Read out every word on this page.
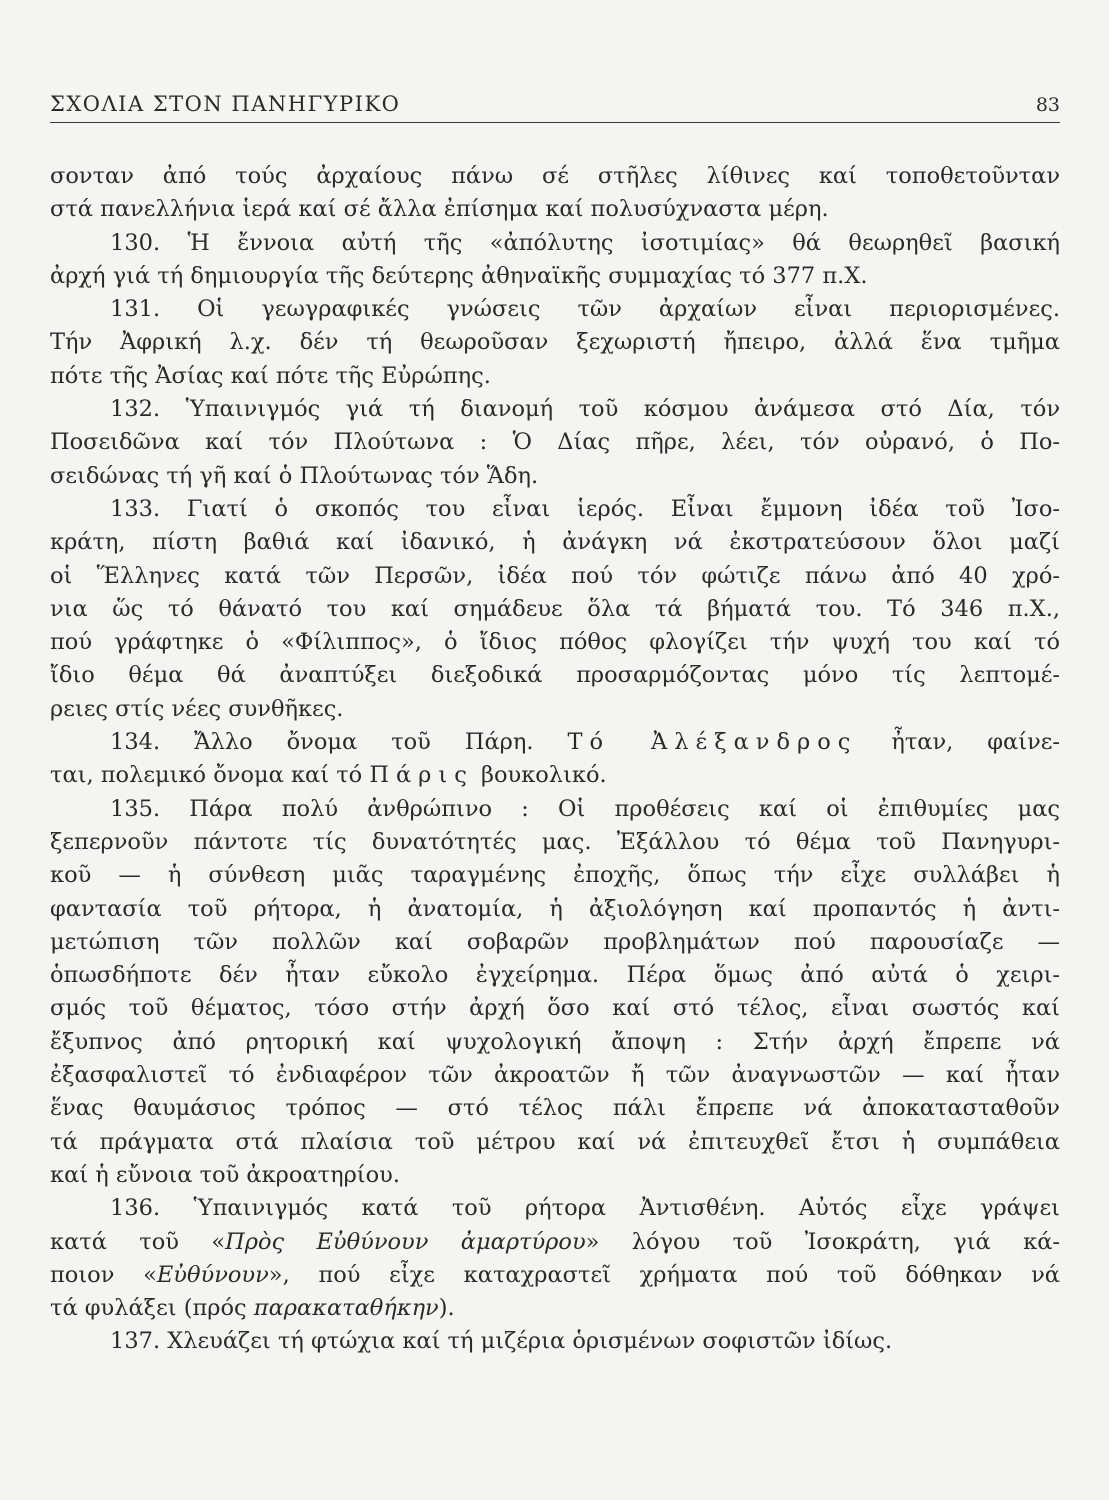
ΣΧΟΛΙΑ ΣΤΟΝ ΠΑΝΗΓΥΡΙΚΟ	83
σονταν ἀπό τούς ἀρχαίους πάνω σέ στῆλες λίθινες καί τοποθετοῦνταν
στά πανελλήνια ἱερά καί σέ ἄλλα ἐπίσημα καί πολυσύχναστα μέρη.
130. Ἡ ἔννοια αὐτή τῆς «ἀπόλυτης ἰσοτιμίας» θά θεωρηθεῖ βασική
ἀρχή γιά τή δημιουργία τῆς δεύτερης ἀθηναϊκῆς συμμαχίας τό 377 π.Χ.
131. Οἱ γεωγραφικές γνώσεις τῶν ἀρχαίων εἶναι περιορισμένες.
Τήν Ἀφρική λ.χ. δέν τή θεωροῦσαν ξεχωριστή ἤπειρο, ἀλλά ἕνα τμῆμα
πότε τῆς Ἀσίας καί πότε τῆς Εὐρώπης.
132. Ὑπαινιγμός γιά τή διανομή τοῦ κόσμου ἀνάμεσα στό Δία, τόν
Ποσειδῶνα καί τόν Πλούτωνα : Ὁ Δίας πῆρε, λέει, τόν οὐρανό, ὁ Πο-
σειδώνας τή γῆ καί ὁ Πλούτωνας τόν Ἅδη.
133. Γιατί ὁ σκοπός του εἶναι ἱερός. Εἶναι ἔμμονη ἰδέα τοῦ Ἰσο-
κράτη, πίστη βαθιά καί ἰδανικό, ἡ ἀνάγκη νά ἐκστρατεύσουν ὅλοι μαζί
οἱ Ἕλληνες κατά τῶν Περσῶν, ἰδέα πού τόν φώτιζε πάνω ἀπό 40 χρό-
νια ὥς τό θάνατό του καί σημάδευε ὅλα τά βήματά του. Τό 346 π.Χ.,
πού γράφτηκε ὁ «Φίλιππος», ὁ ἴδιος πόθος φλογίζει τήν ψυχή του καί τό
ἴδιο θέμα θά ἀναπτύξει διεξοδικά προσαρμόζοντας μόνο τίς λεπτομέ-
ρειες στίς νέες συνθῆκες.
134. Ἄλλο ὄνομα τοῦ Πάρη. Τό Ἀλέξανδρος ἦταν, φαίνε-
ται, πολεμικό ὄνομα καί τό Πάρις βουκολικό.
135. Πάρα πολύ ἀνθρώπινο : Οἱ προθέσεις καί οἱ ἐπιθυμίες μας
ξεπερνοῦν πάντοτε τίς δυνατότητές μας. Ἐξάλλου τό θέμα τοῦ Πανηγυρι-
κοῦ — ἡ σύνθεση μιᾶς ταραγμένης ἐποχῆς, ὅπως τήν εἶχε συλλάβει ἡ
φαντασία τοῦ ρήτορα, ἡ ἀνατομία, ἡ ἀξιολόγηση καί προπαντός ἡ ἀντι-
μετώπιση τῶν πολλῶν καί σοβαρῶν προβλημάτων πού παρουσίαζε —
ὁπωσδήποτε δέν ἦταν εὔκολο ἐγχείρημα. Πέρα ὅμως ἀπό αὐτά ὁ χειρι-
σμός τοῦ θέματος, τόσο στήν ἀρχή ὅσο καί στό τέλος, εἶναι σωστός καί
ἔξυπνος ἀπό ρητορική καί ψυχολογική ἄποψη : Στήν ἀρχή ἔπρεπε νά
ἐξασφαλιστεῖ τό ἐνδιαφέρον τῶν ἀκροατῶν ἤ τῶν ἀναγνωστῶν — καί ἦταν
ἕνας θαυμάσιος τρόπος — στό τέλος πάλι ἔπρεπε νά ἀποκατασταθοῦν
τά πράγματα στά πλαίσια τοῦ μέτρου καί νά ἐπιτευχθεῖ ἔτσι ἡ συμπάθεια
καί ἡ εὔνοια τοῦ ἀκροατηρίου.
136. Ὑπαινιγμός κατά τοῦ ρήτορα Ἀντισθένη. Αὐτός εἶχε γράψει
κατά τοῦ «Πρὸς Εὐθύνουν ἀμαρτύρου» λόγου τοῦ Ἰσοκράτη, γιά κά-
ποιον «Εὐθύνουν», πού εἶχε καταχραστεῖ χρήματα πού τοῦ δόθηκαν νά
τά φυλάξει (πρός παρακαταθήκην).
137. Χλευάζει τή φτώχια καί τή μιζέρια ὁρισμένων σοφιστῶν ἰδίως.
